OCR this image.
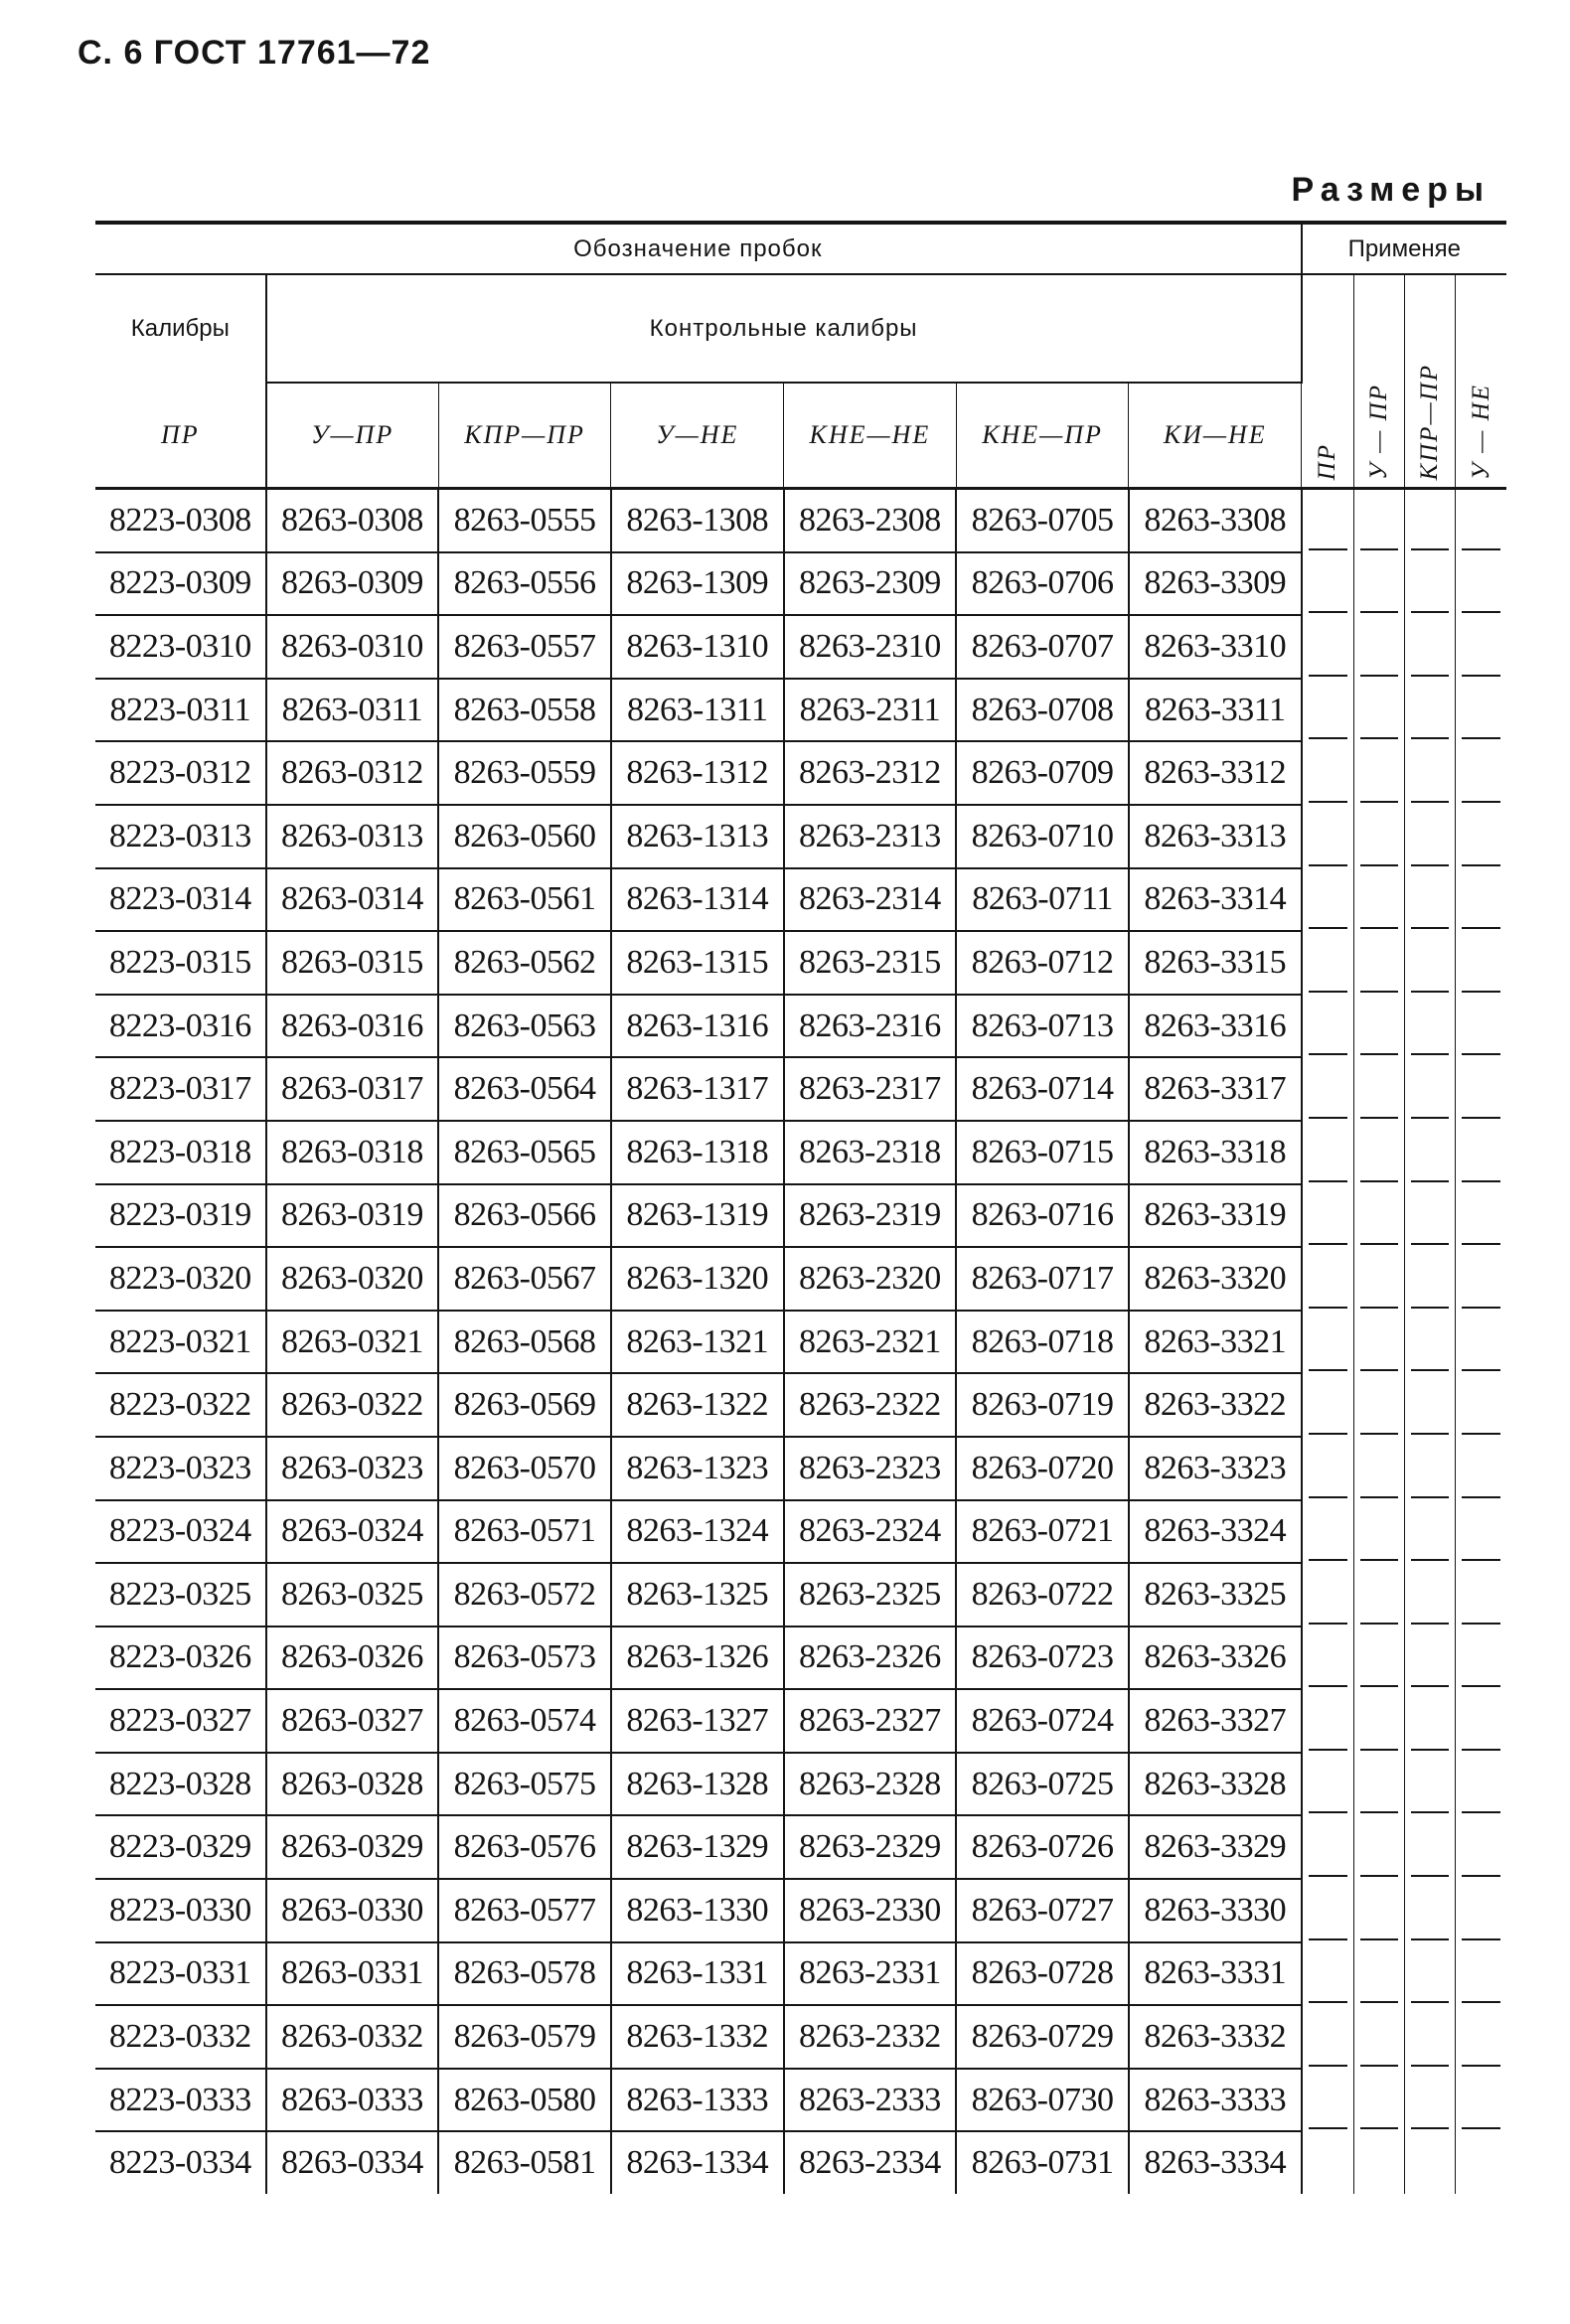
С. 6 ГОСТ 17761—72
Размеры
Обозначение пробок							Применяе			
Калибры	Контрольные калибры						ПР	У — ПР	КПР—ПР	У — НЕ
ПР	У—ПР	КПР—ПР	У—НЕ	КНЕ—НЕ	КНЕ—ПР	КИ—НЕ				
8223-0308	8263-0308	8263-0555	8263-1308	8263-2308	8263-0705	8263-3308				
8223-0309	8263-0309	8263-0556	8263-1309	8263-2309	8263-0706	8263-3309				
8223-0310	8263-0310	8263-0557	8263-1310	8263-2310	8263-0707	8263-3310				
8223-0311	8263-0311	8263-0558	8263-1311	8263-2311	8263-0708	8263-3311				
8223-0312	8263-0312	8263-0559	8263-1312	8263-2312	8263-0709	8263-3312				
8223-0313	8263-0313	8263-0560	8263-1313	8263-2313	8263-0710	8263-3313				
8223-0314	8263-0314	8263-0561	8263-1314	8263-2314	8263-0711	8263-3314				
8223-0315	8263-0315	8263-0562	8263-1315	8263-2315	8263-0712	8263-3315				
8223-0316	8263-0316	8263-0563	8263-1316	8263-2316	8263-0713	8263-3316				
8223-0317	8263-0317	8263-0564	8263-1317	8263-2317	8263-0714	8263-3317				
8223-0318	8263-0318	8263-0565	8263-1318	8263-2318	8263-0715	8263-3318				
8223-0319	8263-0319	8263-0566	8263-1319	8263-2319	8263-0716	8263-3319				
8223-0320	8263-0320	8263-0567	8263-1320	8263-2320	8263-0717	8263-3320				
8223-0321	8263-0321	8263-0568	8263-1321	8263-2321	8263-0718	8263-3321				
8223-0322	8263-0322	8263-0569	8263-1322	8263-2322	8263-0719	8263-3322				
8223-0323	8263-0323	8263-0570	8263-1323	8263-2323	8263-0720	8263-3323				
8223-0324	8263-0324	8263-0571	8263-1324	8263-2324	8263-0721	8263-3324				
8223-0325	8263-0325	8263-0572	8263-1325	8263-2325	8263-0722	8263-3325				
8223-0326	8263-0326	8263-0573	8263-1326	8263-2326	8263-0723	8263-3326				
8223-0327	8263-0327	8263-0574	8263-1327	8263-2327	8263-0724	8263-3327				
8223-0328	8263-0328	8263-0575	8263-1328	8263-2328	8263-0725	8263-3328				
8223-0329	8263-0329	8263-0576	8263-1329	8263-2329	8263-0726	8263-3329				
8223-0330	8263-0330	8263-0577	8263-1330	8263-2330	8263-0727	8263-3330				
8223-0331	8263-0331	8263-0578	8263-1331	8263-2331	8263-0728	8263-3331				
8223-0332	8263-0332	8263-0579	8263-1332	8263-2332	8263-0729	8263-3332				
8223-0333	8263-0333	8263-0580	8263-1333	8263-2333	8263-0730	8263-3333				
8223-0334	8263-0334	8263-0581	8263-1334	8263-2334	8263-0731	8263-3334				
